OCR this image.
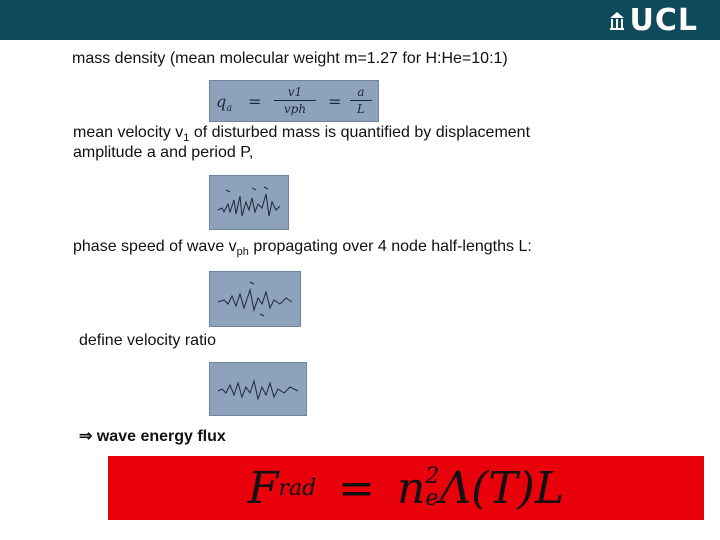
UCL
mass density (mean molecular weight m=1.27 for H:He=10:1)
$q_a$ =	v1
vph	=	a
L
mean velocity $v_1$ of disturbed mass is quantified by displacement
amplitude a and period P,
phase speed of wave $v_{ph}$ propagating over 4 node half-lengths L:
define velocity ratio
⇒ wave energy flux
F rad = n 2
e Λ(T)L
